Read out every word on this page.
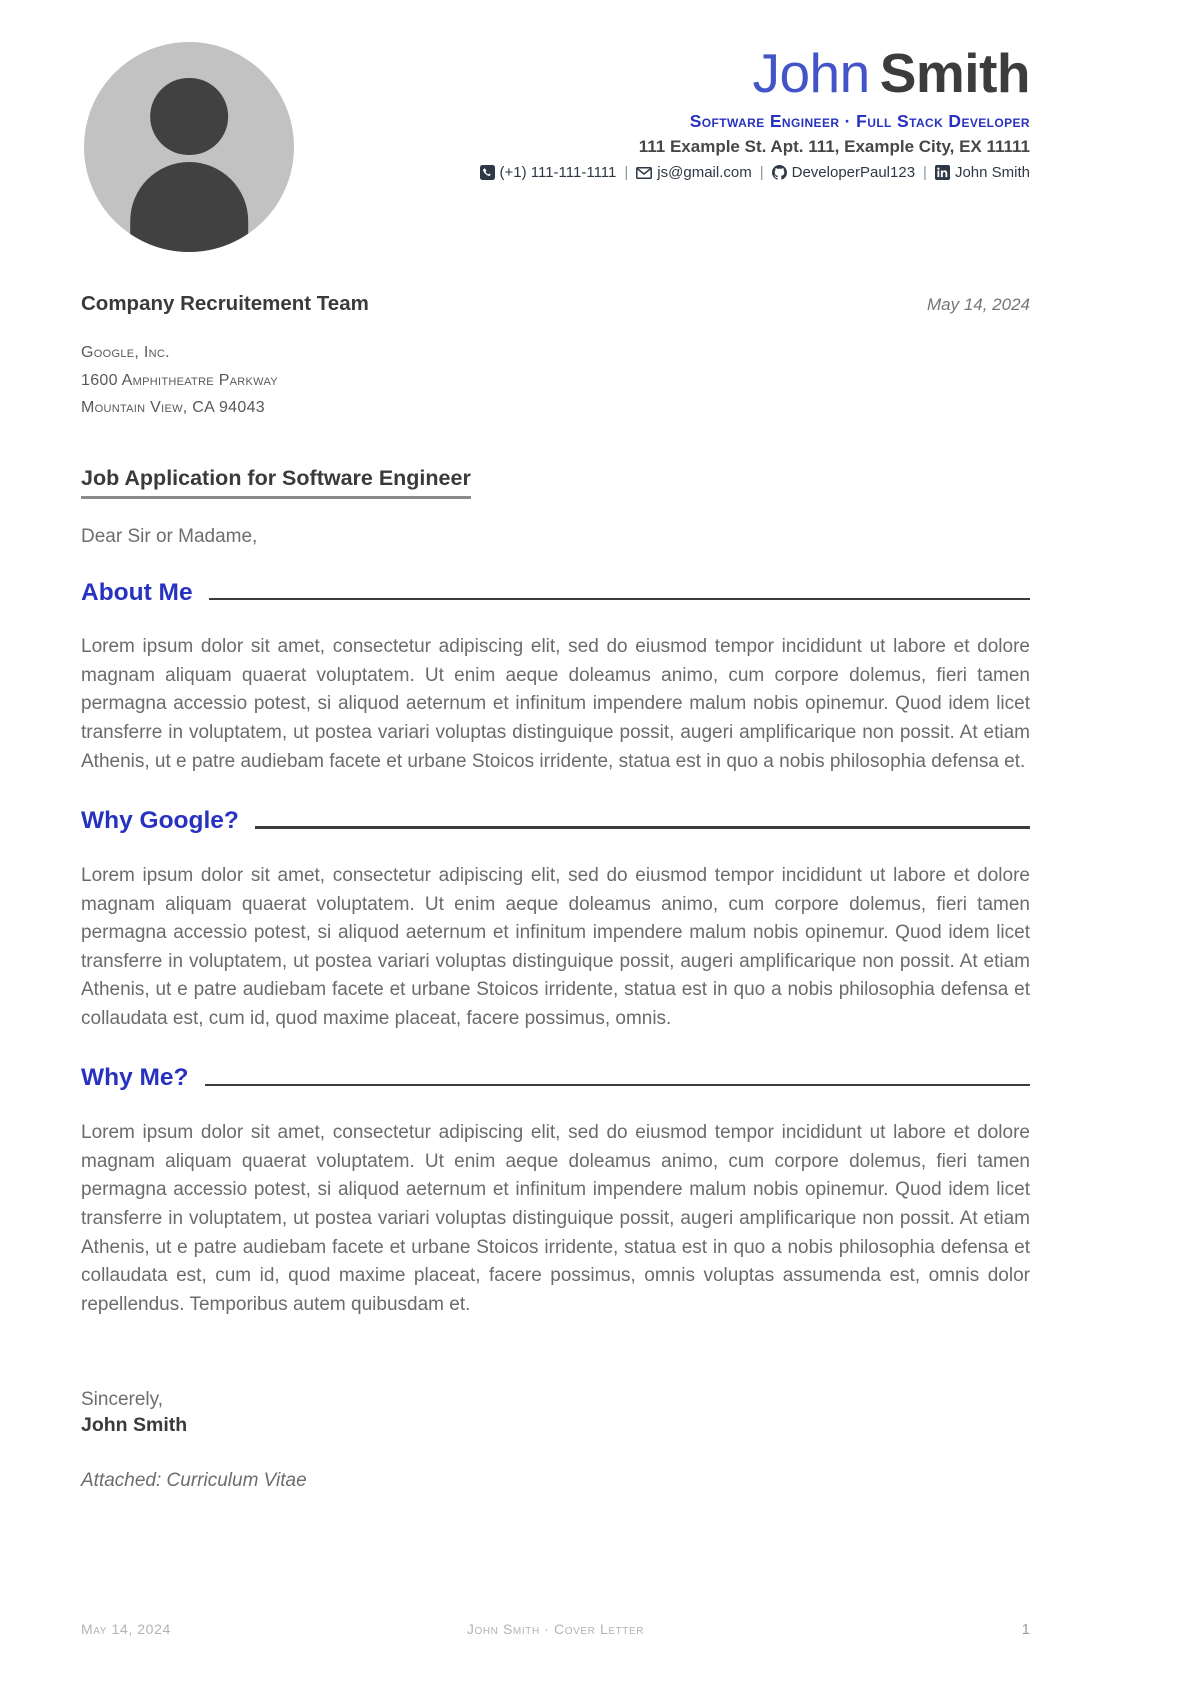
John Smith
Software Engineer · Full Stack Developer
111 Example St. Apt. 111, Example City, EX 11111
(+1) 111-111-1111 | js@gmail.com | DeveloperPaul123 | John Smith
Company Recruitement Team	May 14, 2024
Google, Inc.
1600 Amphitheatre Parkway
Mountain View, CA 94043
Job Application for Software Engineer
Dear Sir or Madame,
About Me
Lorem ipsum dolor sit amet, consectetur adipiscing elit, sed do eiusmod tempor incididunt ut labore et dolore magnam aliquam quaerat voluptatem. Ut enim aeque doleamus animo, cum corpore dolemus, fieri tamen permagna accessio potest, si aliquod aeternum et infinitum impendere malum nobis opinemur. Quod idem licet transferre in voluptatem, ut postea variari voluptas distinguique possit, augeri amplificarique non possit. At etiam Athenis, ut e patre audiebam facete et urbane Stoicos irridente, statua est in quo a nobis philosophia defensa et.
Why Google?
Lorem ipsum dolor sit amet, consectetur adipiscing elit, sed do eiusmod tempor incididunt ut labore et dolore magnam aliquam quaerat voluptatem. Ut enim aeque doleamus animo, cum corpore dolemus, fieri tamen permagna accessio potest, si aliquod aeternum et infinitum impendere malum nobis opinemur. Quod idem licet transferre in voluptatem, ut postea variari voluptas distinguique possit, augeri amplificarique non possit. At etiam Athenis, ut e patre audiebam facete et urbane Stoicos irridente, statua est in quo a nobis philosophia defensa et collaudata est, cum id, quod maxime placeat, facere possimus, omnis.
Why Me?
Lorem ipsum dolor sit amet, consectetur adipiscing elit, sed do eiusmod tempor incididunt ut labore et dolore magnam aliquam quaerat voluptatem. Ut enim aeque doleamus animo, cum corpore dolemus, fieri tamen permagna accessio potest, si aliquod aeternum et infinitum impendere malum nobis opinemur. Quod idem licet transferre in voluptatem, ut postea variari voluptas distinguique possit, augeri amplificarique non possit. At etiam Athenis, ut e patre audiebam facete et urbane Stoicos irridente, statua est in quo a nobis philosophia defensa et collaudata est, cum id, quod maxime placeat, facere possimus, omnis voluptas assumenda est, omnis dolor repellendus. Temporibus autem quibusdam et.
Sincerely,
John Smith
Attached: Curriculum Vitae
May 14, 2024	John Smith · Cover Letter	1
